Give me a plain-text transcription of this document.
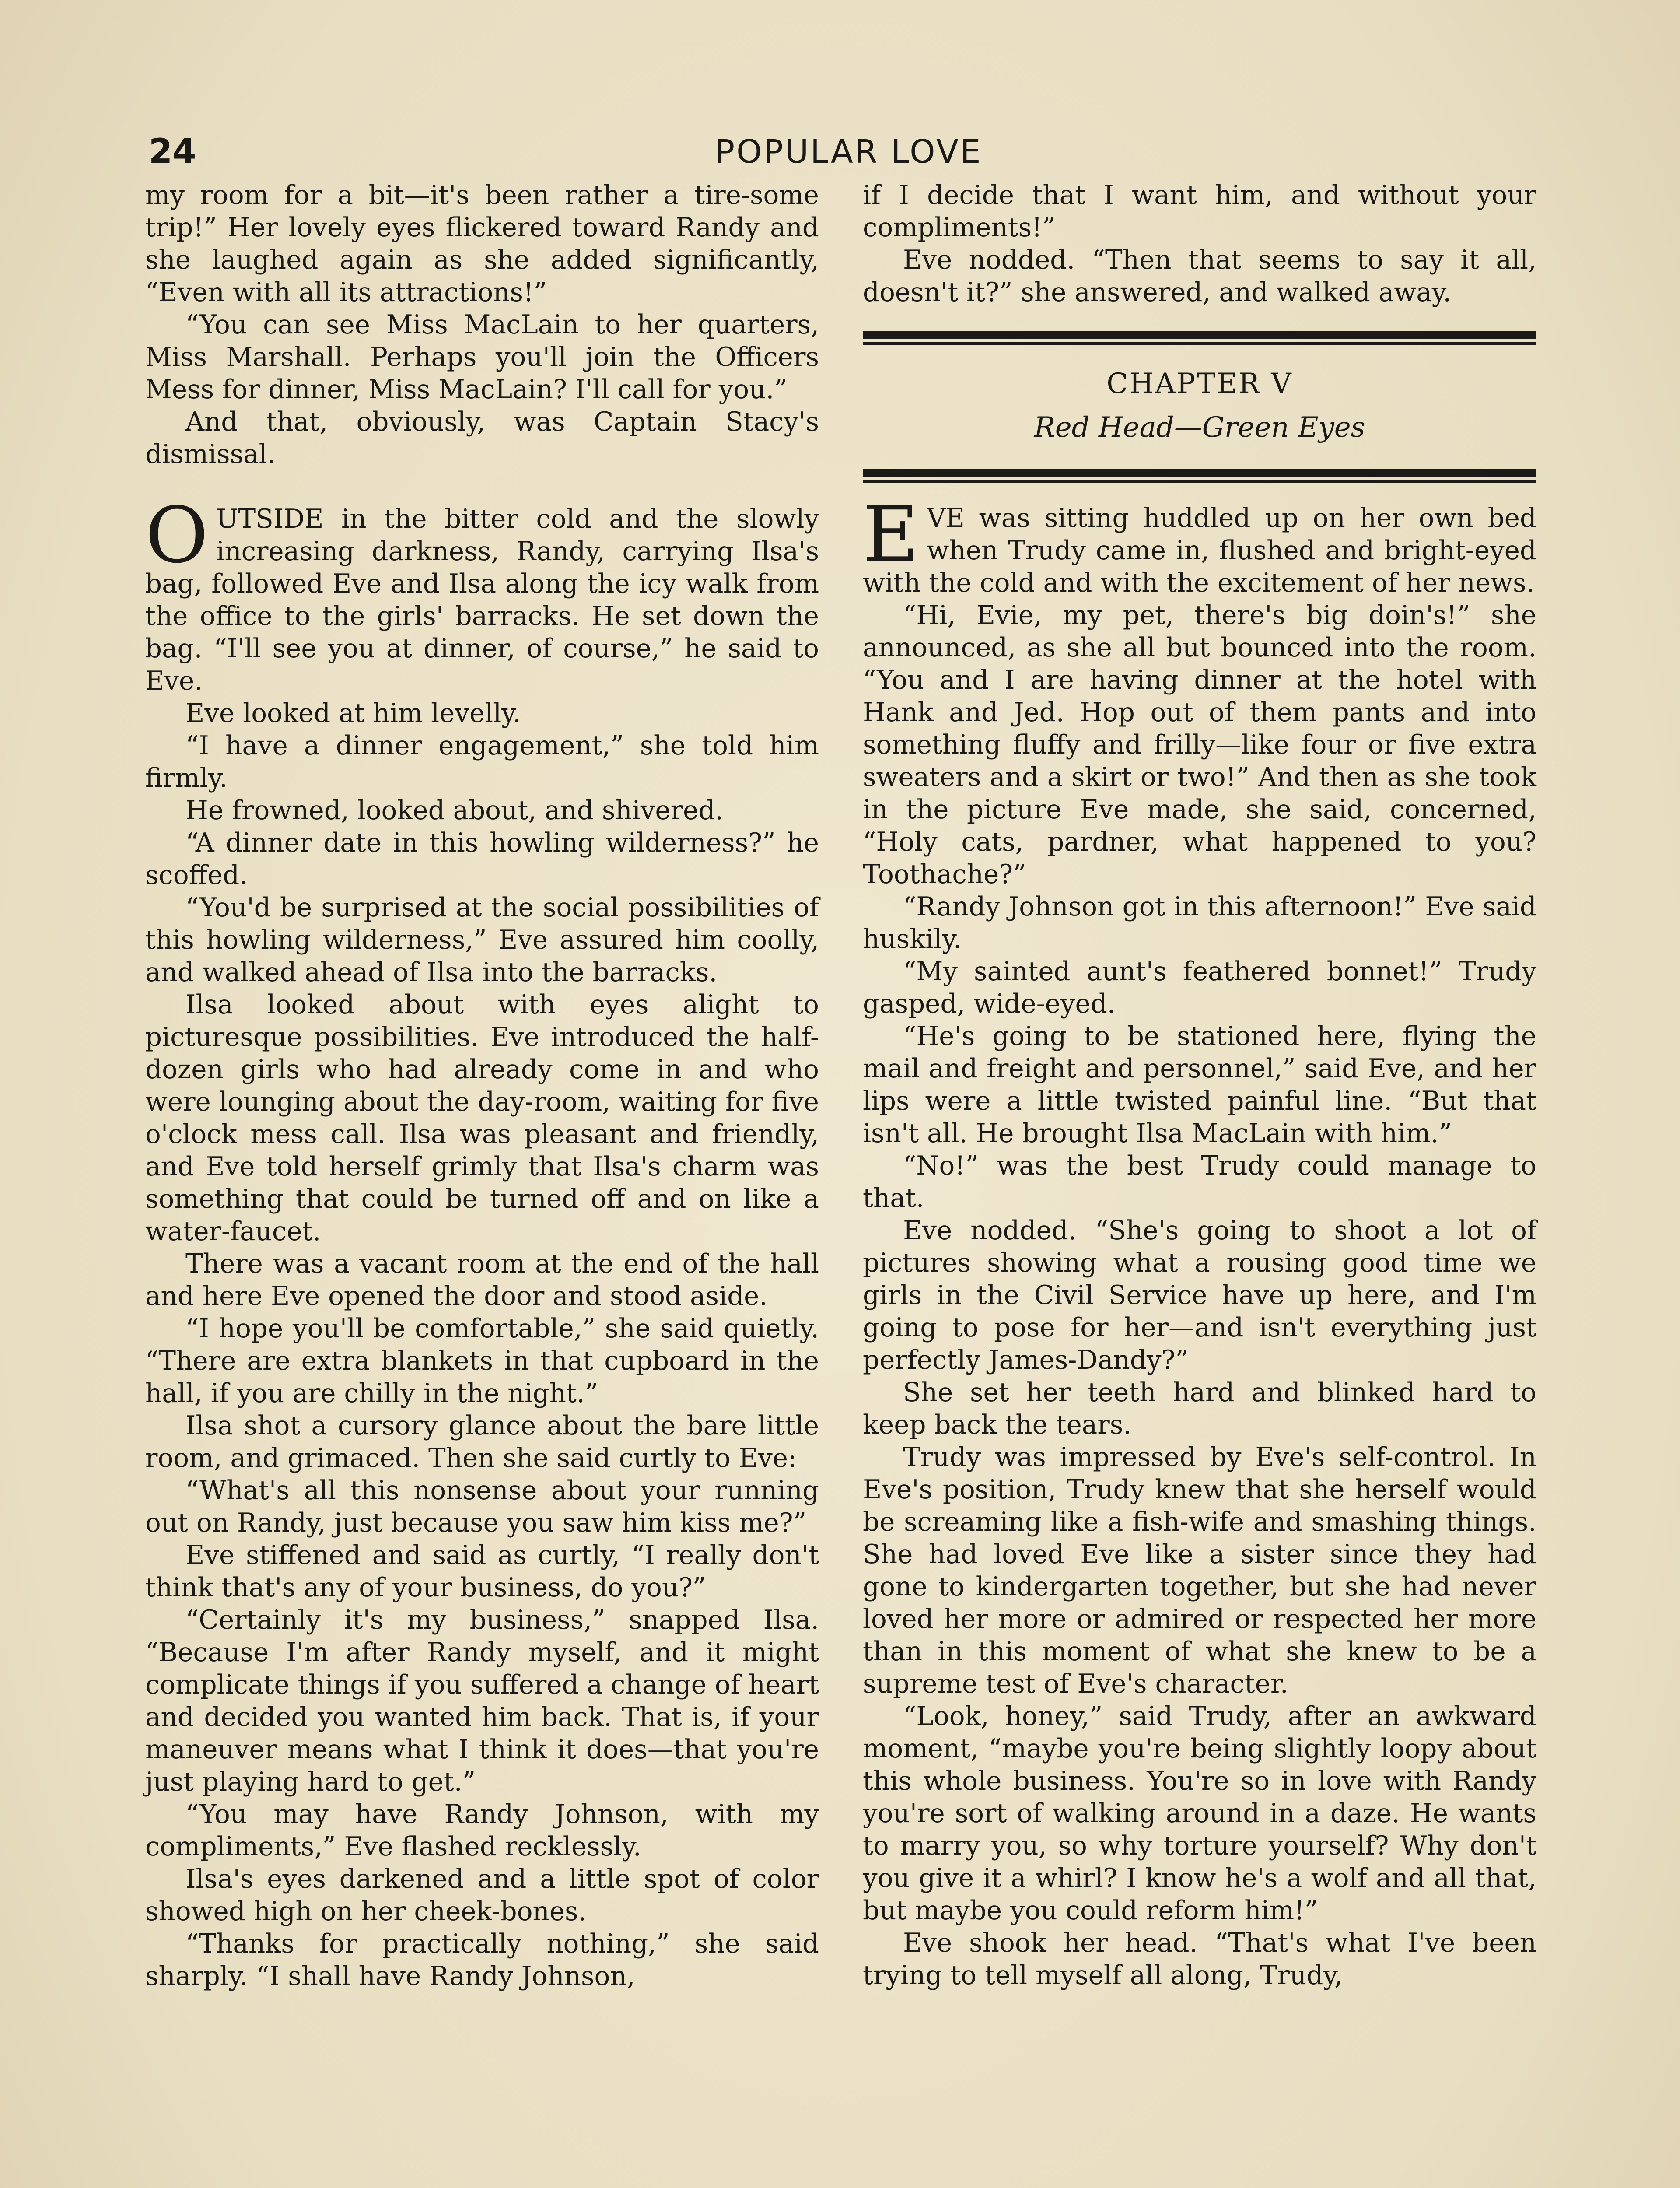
24	POPULAR LOVE

my room for a bit—it's been rather a tire-some trip!” Her lovely eyes flickered toward Randy and she laughed again as she added significantly, “Even with all its attractions!”

“You can see Miss MacLain to her quarters, Miss Marshall. Perhaps you'll join the Officers Mess for dinner, Miss MacLain? I'll call for you.”

And that, obviously, was Captain Stacy's dismissal.

OUTSIDE in the bitter cold and the slowly increasing darkness, Randy, carrying Ilsa's bag, followed Eve and Ilsa along the icy walk from the office to the girls' barracks. He set down the bag. “I'll see you at dinner, of course,” he said to Eve.

Eve looked at him levelly.

“I have a dinner engagement,” she told him firmly.

He frowned, looked about, and shivered.

“A dinner date in this howling wilderness?” he scoffed.

“You'd be surprised at the social possibilities of this howling wilderness,” Eve assured him coolly, and walked ahead of Ilsa into the barracks.

Ilsa looked about with eyes alight to picturesque possibilities. Eve introduced the half-dozen girls who had already come in and who were lounging about the day-room, waiting for five o'clock mess call. Ilsa was pleasant and friendly, and Eve told herself grimly that Ilsa's charm was something that could be turned off and on like a water-faucet.

There was a vacant room at the end of the hall and here Eve opened the door and stood aside.

“I hope you'll be comfortable,” she said quietly. “There are extra blankets in that cupboard in the hall, if you are chilly in the night.”

Ilsa shot a cursory glance about the bare little room, and grimaced. Then she said curtly to Eve:

“What's all this nonsense about your running out on Randy, just because you saw him kiss me?”

Eve stiffened and said as curtly, “I really don't think that's any of your business, do you?”

“Certainly it's my business,” snapped Ilsa. “Because I'm after Randy myself, and it might complicate things if you suffered a change of heart and decided you wanted him back. That is, if your maneuver means what I think it does—that you're just playing hard to get.”

“You may have Randy Johnson, with my compliments,” Eve flashed recklessly.

Ilsa's eyes darkened and a little spot of color showed high on her cheek-bones.

“Thanks for practically nothing,” she said sharply. “I shall have Randy Johnson,

if I decide that I want him, and without your compliments!”

Eve nodded. “Then that seems to say it all, doesn't it?” she answered, and walked away.

CHAPTER V
Red Head—Green Eyes

EVE was sitting huddled up on her own bed when Trudy came in, flushed and bright-eyed with the cold and with the excitement of her news.

“Hi, Evie, my pet, there's big doin's!” she announced, as she all but bounced into the room. “You and I are having dinner at the hotel with Hank and Jed. Hop out of them pants and into something fluffy and frilly—like four or five extra sweaters and a skirt or two!” And then as she took in the picture Eve made, she said, concerned, “Holy cats, pardner, what happened to you? Toothache?”

“Randy Johnson got in this afternoon!” Eve said huskily.

“My sainted aunt's feathered bonnet!” Trudy gasped, wide-eyed.

“He's going to be stationed here, flying the mail and freight and personnel,” said Eve, and her lips were a little twisted painful line. “But that isn't all. He brought Ilsa MacLain with him.”

“No!” was the best Trudy could manage to that.

Eve nodded. “She's going to shoot a lot of pictures showing what a rousing good time we girls in the Civil Service have up here, and I'm going to pose for her—and isn't everything just perfectly James-Dandy?”

She set her teeth hard and blinked hard to keep back the tears.

Trudy was impressed by Eve's self-control. In Eve's position, Trudy knew that she herself would be screaming like a fish-wife and smashing things. She had loved Eve like a sister since they had gone to kindergarten together, but she had never loved her more or admired or respected her more than in this moment of what she knew to be a supreme test of Eve's character.

“Look, honey,” said Trudy, after an awkward moment, “maybe you're being slightly loopy about this whole business. You're so in love with Randy you're sort of walking around in a daze. He wants to marry you, so why torture yourself? Why don't you give it a whirl? I know he's a wolf and all that, but maybe you could reform him!”

Eve shook her head. “That's what I've been trying to tell myself all along, Trudy,
